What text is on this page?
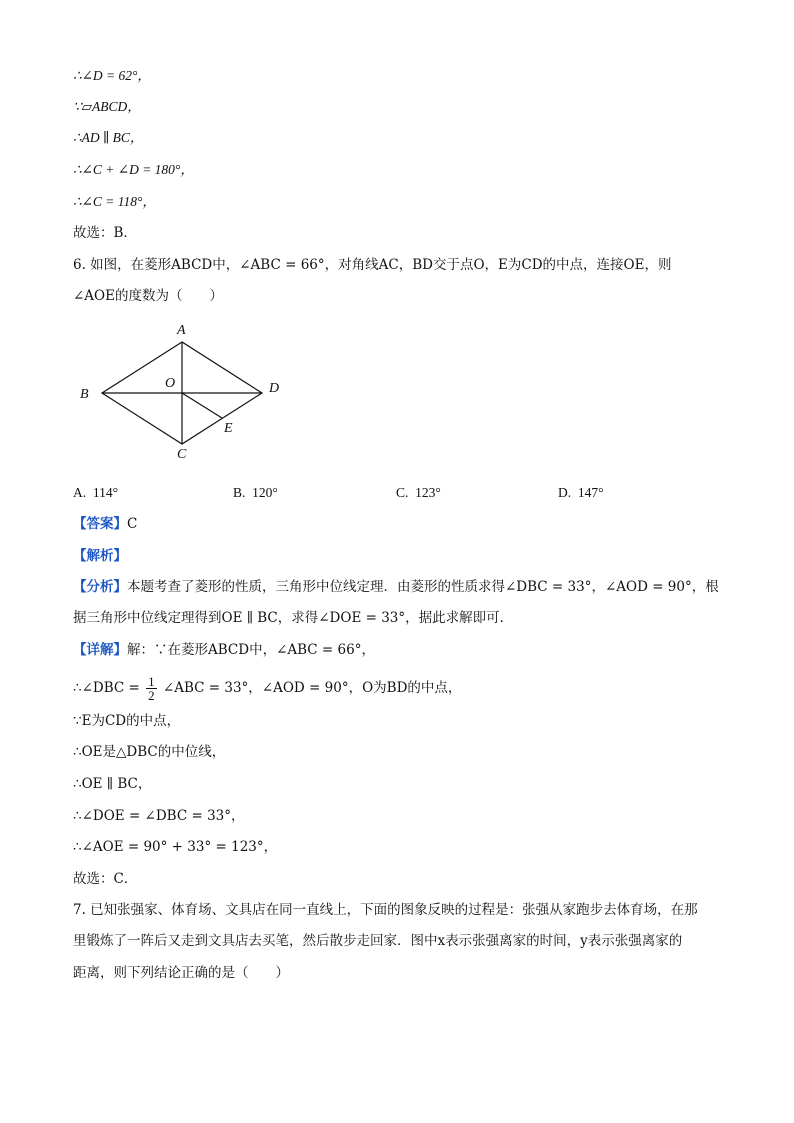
∴∠D = 62°，
∵▱ABCD，
∴AD ∥ BC，
∴∠C + ∠D = 180°，
∴∠C = 118°，
故选：B．
6. 如图，在菱形ABCD中，∠ABC = 66°，对角线AC，BD交于点O，E为CD的中点，连接OE，则
∠AOE的度数为（　　）
A
B
C
D
O
E
A. 114°	B. 120°	C. 123°	D. 147°
【答案】C
【解析】
【分析】本题考查了菱形的性质，三角形中位线定理．由菱形的性质求得∠DBC = 33°，∠AOD = 90°，根
据三角形中位线定理得到OE ∥ BC，求得∠DOE = 33°，据此求解即可．
【详解】解：∵在菱形ABCD中，∠ABC = 66°，
∴∠DBC = $\frac{1}{2}$ ∠ABC = 33°，∠AOD = 90°，O为BD的中点，
∵E为CD的中点，
∴OE是△DBC的中位线，
∴OE ∥ BC，
∴∠DOE = ∠DBC = 33°，
∴∠AOE = 90° + 33° = 123°，
故选：C．
7. 已知张强家、体育场、文具店在同一直线上，下面的图象反映的过程是：张强从家跑步去体育场，在那
里锻炼了一阵后又走到文具店去买笔，然后散步走回家．图中x表示张强离家的时间，y表示张强离家的
距离，则下列结论正确的是（　　）
